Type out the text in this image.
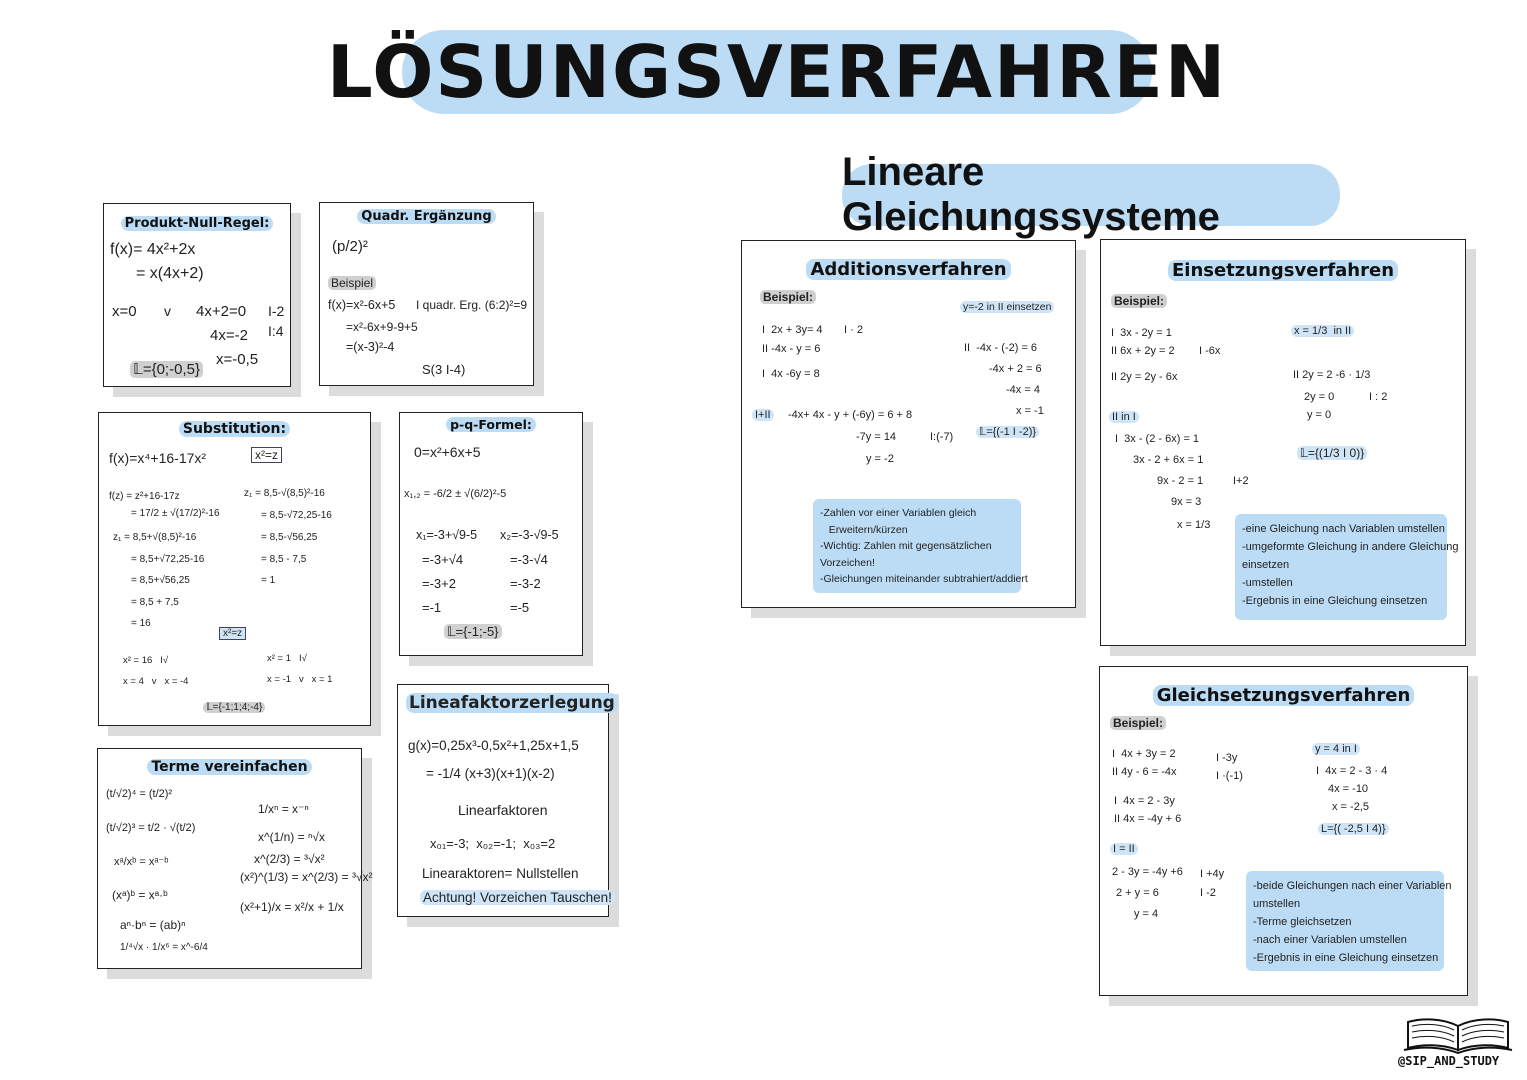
LÖSUNGSVERFAHREN
Lineare Gleichungssysteme
Produkt-Null-Regel:
f(x)= 4x²+2x
= x(4x+2)
x=0 v 4x+2=0 I-2
4x=-2 I:4
x=-0,5
𝕃={0;-0,5}
Quadr. Ergänzung
(p/2)²
Beispiel
f(x)=x²-6x+5 I quadr. Erg. (6:2)²=9
=x²-6x+9-9+5
=(x-3)²-4
S(3 I-4)
Substitution:
f(x)=x⁴+16-17x²	x²=z
f(z) = z²+16-17z	z₁ = 8,5-√(8,5)²-16
= 17/2 ± √(17/2)²-16	= 8,5-√72,25-16
z₁ = 8,5+√(8,5)²-16	= 8,5-√56,25
= 8,5+√72,25-16	= 8,5 - 7,5
= 8,5+√56,25	= 1
= 8,5 + 7,5
= 16
x²=z
x² = 16   I√	x² = 1   I√
x = 4   v   x = -4	x = -1   v   x = 1
𝕃={-1;1;4;-4}
p-q-Formel:
0=x²+6x+5
x₁,₂ = -6/2 ± √(6/2)²-5
x₁=-3+√9-5 x₂=-3-√9-5
=-3+√4	=-3-√4
=-3+2	=-3-2
=-1	=-5
𝕃={-1;-5}
Terme vereinfachen
(t/√2)⁴ = (t/2)²
(t/√2)³ = t/2 · √(t/2)
xᵃ/xᵇ = xᵃ⁻ᵇ
(xᵃ)ᵇ = xᵃ·ᵇ
aⁿ·bⁿ = (ab)ⁿ
1/⁴√x · 1/x⁶ = x^-6/4
1/xⁿ = x⁻ⁿ
x^(1/n) = ⁿ√x
x^(2/3) = ³√x²
(x²)^(1/3) = x^(2/3) = ³√x²
(x²+1)/x = x²/x + 1/x
Lineafaktorzerlegung
g(x)=0,25x³-0,5x²+1,25x+1,5
= -1/4 (x+3)(x+1)(x-2)
Linearfaktoren
x₀₁=-3;  x₀₂=-1;  x₀₃=2
Linearaktoren= Nullstellen
Achtung! Vorzeichen Tauschen!
Additionsverfahren
Beispiel:
I  2x + 3y= 4 I · 2
II -4x - y = 6
I  4x -6y = 8
I+II -4x+ 4x - y + (-6y) = 6 + 8
-7y = 14	I:(-7)
y = -2
y=-2 in II einsetzen
II  -4x - (-2) = 6
-4x + 2 = 6
-4x = 4
x = -1
𝕃={(-1 I -2)}
-Zahlen vor einer Variablen gleich
Erweitern/kürzen
-Wichtig: Zahlen mit gegensätzlichen
Vorzeichen!
-Gleichungen miteinander subtrahiert/addiert
Einsetzungsverfahren
Beispiel:
I  3x - 2y = 1
II 6x + 2y = 2 I -6x
II 2y = 2y - 6x
x = 1/3  in II
II 2y = 2 -6 · 1/3
2y = 0	I : 2
y = 0
II in I
I  3x - (2 - 6x) = 1
3x - 2 + 6x = 1
9x - 2 = 1	I+2
9x = 3
x = 1/3
𝕃={(1/3 I 0)}
-eine Gleichung nach Variablen umstellen
-umgeformte Gleichung in andere Gleichung
einsetzen
-umstellen
-Ergebnis in eine Gleichung einsetzen
Gleichsetzungsverfahren
Beispiel:
I  4x + 3y = 2
II 4y - 6 = -4x
I -3y
I ·(-1)
I  4x = 2 - 3y
II 4x = -4y + 6
I = II
2 - 3y = -4y +6 I +4y
2 + y = 6	I -2
y = 4
y = 4 in I
I  4x = 2 - 3 · 4
4x = -10
x = -2,5
L={( -2,5 I 4)}
-beide Gleichungen nach einer Variablen
umstellen
-Terme gleichsetzen
-nach einer Variablen umstellen
-Ergebnis in eine Gleichung einsetzen
@SIP_AND_STUDY
